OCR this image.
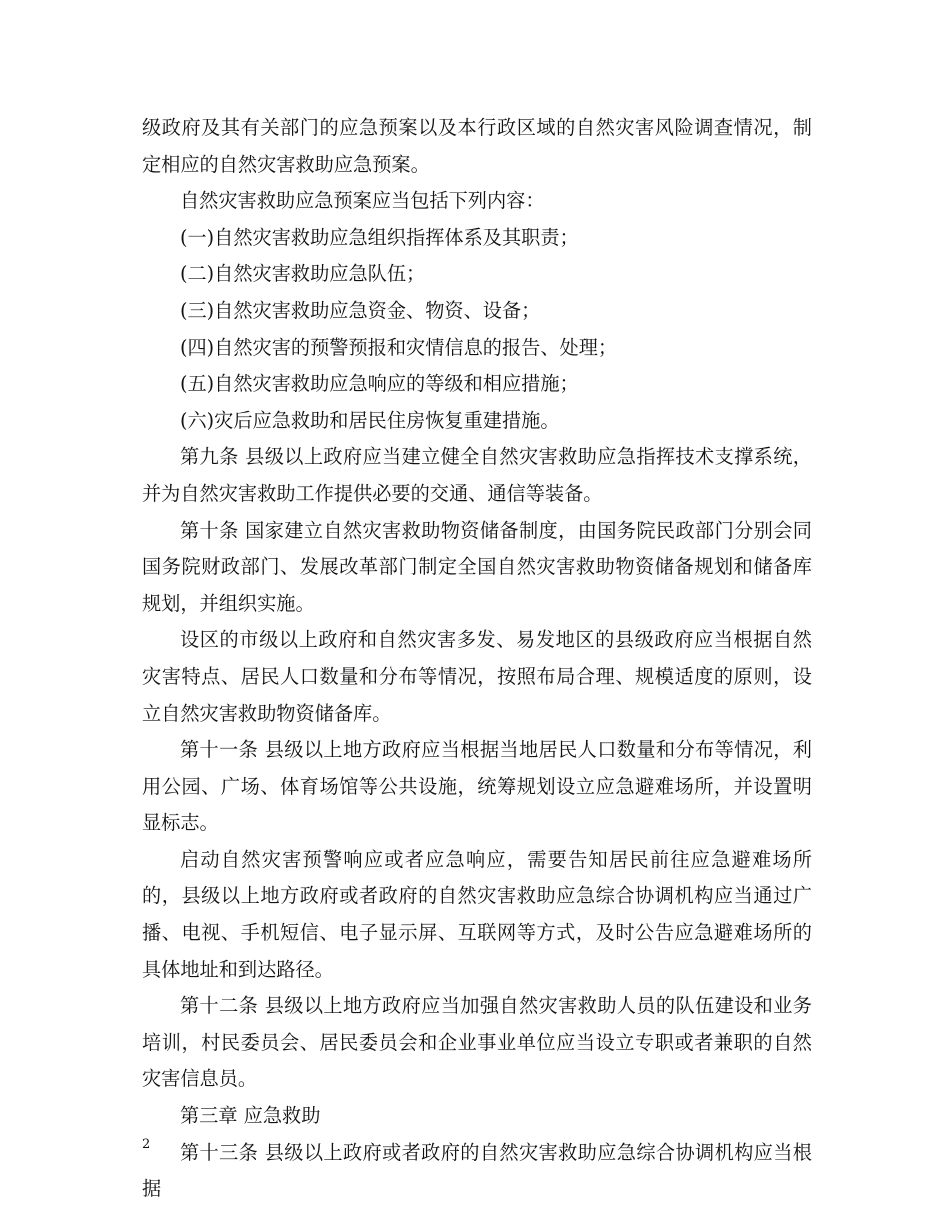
级政府及其有关部门的应急预案以及本行政区域的自然灾害风险调查情况，制定相应的自然灾害救助应急预案。

自然灾害救助应急预案应当包括下列内容：

(一)自然灾害救助应急组织指挥体系及其职责；

(二)自然灾害救助应急队伍；

(三)自然灾害救助应急资金、物资、设备；

(四)自然灾害的预警预报和灾情信息的报告、处理；

(五)自然灾害救助应急响应的等级和相应措施；

(六)灾后应急救助和居民住房恢复重建措施。

第九条 县级以上政府应当建立健全自然灾害救助应急指挥技术支撑系统，并为自然灾害救助工作提供必要的交通、通信等装备。

第十条 国家建立自然灾害救助物资储备制度，由国务院民政部门分别会同国务院财政部门、发展改革部门制定全国自然灾害救助物资储备规划和储备库规划，并组织实施。

设区的市级以上政府和自然灾害多发、易发地区的县级政府应当根据自然灾害特点、居民人口数量和分布等情况，按照布局合理、规模适度的原则，设立自然灾害救助物资储备库。

第十一条 县级以上地方政府应当根据当地居民人口数量和分布等情况，利用公园、广场、体育场馆等公共设施，统筹规划设立应急避难场所，并设置明显标志。

启动自然灾害预警响应或者应急响应，需要告知居民前往应急避难场所的，县级以上地方政府或者政府的自然灾害救助应急综合协调机构应当通过广播、电视、手机短信、电子显示屏、互联网等方式，及时公告应急避难场所的具体地址和到达路径。

第十二条 县级以上地方政府应当加强自然灾害救助人员的队伍建设和业务培训，村民委员会、居民委员会和企业事业单位应当设立专职或者兼职的自然灾害信息员。

第三章 应急救助

第十三条 县级以上政府或者政府的自然灾害救助应急综合协调机构应当根据

2
